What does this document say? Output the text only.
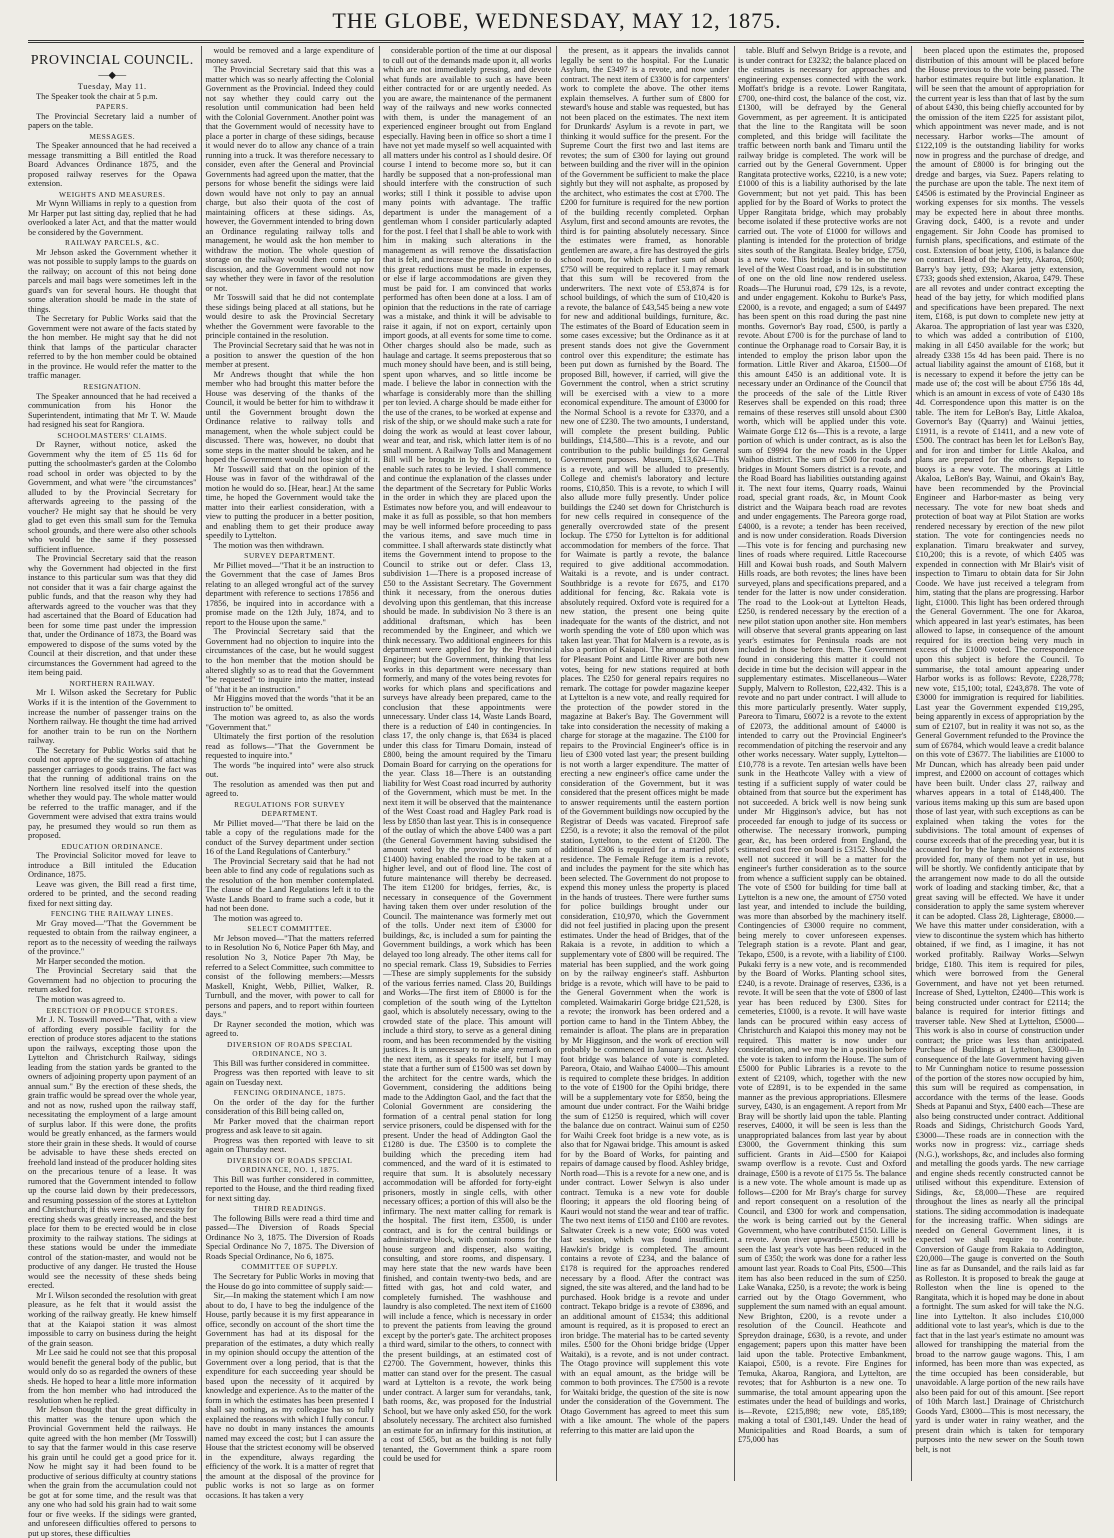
THE GLOBE, WEDNESDAY, MAY 12, 1875.

PROVINCIAL COUNCIL.

—◆—

Tuesday, May 11.

The Speaker took the chair at 5 p.m.

PAPERS.

The Provincial Secretary laid a number of papers on the table.

MESSAGES.

The Speaker announced that he had received a message transmitting a Bill entitled the Road Board Advances Ordinance 1875, and the proposed railway reserves for the Opawa extension.

WEIGHTS AND MEASURES.

Mr Wynn Williams in reply to a question from Mr Harper put last sitting day, replied that he had overlooked a later Act, and that the matter would be considered by the Government.

RAILWAY PARCELS, &C.

Mr Jebson asked the Government whether it was not possible to supply lamps to the guards on the railway; on account of this not being done parcels and mail bags were sometimes left in the guard's van for several hours. He thought that some alteration should be made in the state of things.

The Secretary for Public Works said that the Government were not aware of the facts stated by the hon member. He might say that he did not think that lamps of the particular character referred to by the hon member could be obtained in the province. He would refer the matter to the traffic manager.

RESIGNATION.

The Speaker announced that he had received a communication from his Honor the Superintendent, intimating that Mr T. W. Maude had resigned his seat for Rangiora.

SCHOOLMASTERS' CLAIMS.

Dr Rayner, without notice, asked the Government why the item of £5 11s 6d for putting the schoolmaster's garden at the Colombo road school in order was objected to by the Government, and what were "the circumstances" alluded to by the Provincial Secretary for afterwards agreeing to the passing of the voucher? He might say that he should be very glad to get even this small sum for the Temuka school grounds, and there were also other schools who would be the same if they possessed sufficient influence.

The Provincial Secretary said that the reason why the Government had objected in the first instance to this particular sum was that they did not consider that it was a fair charge against the public funds, and that the reason why they had afterwards agreed to the voucher was that they had ascertained that the Board of Education had been for some time past under the impression that, under the Ordinance of 1873, the Board was empowered to dispose of the sums voted by the Council at their discretion, and that under these circumstances the Government had agreed to the item being paid.

NORTHERN RAILWAY.

Mr I. Wilson asked the Secretary for Public Works if it is the intention of the Government to increase the number of passenger trains on the Northern railway. He thought the time had arrived for another train to be run on the Northern railway.

The Secretary for Public Works said that he could not approve of the suggestion of attaching passenger carriages to goods trains. The fact was that the running of additional trains on the Northern line resolved itself into the question whether they would pay. The whole matter would be referred to the traffic manager, and if the Government were advised that extra trains would pay, he presumed they would so run them as proposed.

EDUCATION ORDINANCE.

The Provincial Solicitor moved for leave to introduce a Bill intituled the Education Ordinance, 1875.

Leave was given, the Bill read a first time, ordered to be printed, and the second reading fixed for next sitting day.

FENCING THE RAILWAY LINES.

Mr Gray moved—"That the Government be requested to obtain from the railway engineer, a report as to the necessity of weeding the railways of the province."

Mr Harper seconded the motion.

The Provincial Secretary said that the Government had no objection to procuring the return asked for.

The motion was agreed to.

ERECTION OF PRODUCE STORES.

Mr J. N. Tosswill moved—"That, with a view of affording every possible facility for the erection of produce stores adjacent to the stations upon the railways, excepting those upon the Lyttelton and Christchurch Railway, sidings leading from the station yards be granted to the owners of adjoining property upon payment of an annual sum." By the erection of these sheds, the grain traffic would be spread over the whole year, and not as now, rushed upon the railway staff, necessitating the employment of a large amount of surplus labor. If this were done, the profits would be greatly enhanced, as the farmers would store their grain in these sheds. It would of course be advisable to have these sheds erected on freehold land instead of the producer holding sites on the precarious tenure of a lease. It was rumored that the Government intended to follow up the course laid down by their predecessors, and resuming possession of the stores at Lyttelton and Christchurch; if this were so, the necessity for erecting sheds was greatly increased, and the best place for them to be erected would be in close proximity to the railway stations. The sidings at these stations would be under the immediate control of the station-master, and would not be productive of any danger. He trusted the House would see the necessity of these sheds being erected.

Mr I. Wilson seconded the resolution with great pleasure, as he felt that it would assist the working of the railway greatly. He knew himself that at the Kaiapoi station it was almost impossible to carry on business during the height of the grain season.

Mr Lee said he could not see that this proposal would benefit the general body of the public, but would only do so as regarded the owners of these sheds. He hoped to hear a little more information from the hon member who had introduced the resolution when he replied.

Mr Jebson thought that the great difficulty in this matter was the tenure upon which the Provincial Government held the railways. He quite agreed with the hon member (Mr Tosswill) to say that the farmer would in this case reserve his grain until he could get a good price for it. Now he might say it had been found to be productive of serious difficulty at country stations when the grain from the accumulation could not be got at for some time, and the result was that any one who had sold his grain had to wait some four or five weeks. If the sidings were granted, and unforeseen difficulties offered to persons to put up stores, these difficulties

would be removed and a large expenditure of money saved.

The Provincial Secretary said that this was a matter which was so nearly affecting the Colonial Government as the Provincial. Indeed they could not say whether they could carry out the resolution until communication had been held with the Colonial Government. Another point was that the Government would of necessity have to place a porter in charge of these sidings, because it would never do to allow any chance of a train running into a truck. It was therefore necessary to consider, even after the General and Provincial Governments had agreed upon the matter, that the persons for whose benefit the sidings were laid down would have not only to pay an annual charge, but also their quota of the cost of maintaining officers at these sidings. As, however, the Government intended to bring down an Ordinance regulating railway tolls and management, he would ask the hon member to withdraw the motion. The whole question of storage on the railway would then come up for discussion, and the Government would not now say whether they were in favor of the resolution or not.

Mr Tosswill said that he did not contemplate these sidings being placed at all stations, but he would desire to ask the Provincial Secretary whether the Government were favorable to the principle contained in the resolution.

The Provincial Secretary said that he was not in a position to answer the question of the hon member at present.

Mr Andrews thought that while the hon member who had brought this matter before the House was deserving of the thanks of the Council, it would be better for him to withdraw it until the Government brought down the Ordinance relative to railway tolls and management, when the whole subject could be discussed. There was, however, no doubt that some steps in the matter should be taken, and he hoped the Government would not lose sight of it.

Mr Tosswill said that on the opinion of the House was in favor of the withdrawal of the motion he would do so. [Hear, hear.] At the same time, he hoped the Government would take the matter into their earliest consideration, with a view to putting the producer in a better position, and enabling them to get their produce away speedily to Lyttelton.

The motion was then withdrawn.

SURVEY DEPARTMENT.

Mr Pilliet moved—"That it be an instruction to the Government that the case of James Bros relating to an alleged wrongful act of the survey department with reference to sections 17856 and 17856, be inquired into in accordance with a promise made on the 12th July, 1874, and to report to the House upon the same."

The Provincial Secretary said that the Government had no objection to inquire into the circumstances of the case, but he would suggest to the hon member that the motion should be altered slightly so as to read that the Government "be requested" to inquire into the matter, instead of "that it be an instruction."

Mr Higgins moved that the words "that it be an instruction to" be omitted.

The motion was agreed to, as also the words "Government that."

Ultimately the first portion of the resolution read as follows—"That the Government be requested to inquire into."

The words "be inquired into" were also struck out.

The resolution as amended was then put and agreed to.

REGULATIONS FOR SURVEY DEPARTMENT.

Mr Pilliet moved—"That there be laid on the table a copy of the regulations made for the conduct of the Survey department under section 16 of the Land Regulations of Canterbury."

The Provincial Secretary said that he had not been able to find any code of regulations such as the resolution of the hon member contemplated. The clause of the Land Regulations left it to the Waste Lands Board to frame such a code, but it had not been done.

The motion was agreed to.

SELECT COMMITTEE.

Mr Jebson moved—"That the matters referred to in Resolution No 6, Notice Paper 6th May, and resolution No 3, Notice Paper 7th May, be referred to a Select Committee, such committee to consist of the following members:—Messrs Maskell, Knight, Webb, Pilliet, Walker, R. Turnbull, and the mover, with power to call for persons and papers, and to report within fourteen days."

Dr Rayner seconded the motion, which was agreed to.

DIVERSION OF ROADS SPECIAL ORDINANCE, NO 3.

This Bill was further considered in committee.

Progress was then reported with leave to sit again on Tuesday next.

FENCING ORDINANCE, 1875.

On the order of the day for the further consideration of this Bill being called on,

Mr Parker moved that the chairman report progress and ask leave to sit again.

Progress was then reported with leave to sit again on Thursday next.

DIVERSION OF ROADS SPECIAL ORDINANCE, NO. 1, 1875.

This Bill was further considered in committee, reported to the House, and the third reading fixed for next sitting day.

THIRD READINGS.

The following Bills were read a third time and passed—The Diversion of Roads Special Ordinance No 3, 1875. The Diversion of Roads Special Ordinance No 7, 1875. The Diversion of Roads Special Ordinance, No 6, 1875.

COMMITTEE OF SUPPLY.

The Secretary for Public Works in moving that the House do go into committee of supply said:—

Sir,—In making the statement which I am now about to do, I have to beg the indulgence of the House, partly because it is my first appearance in office, secondly on account of the short time the Government has had at its disposal for the preparation of the estimates, a duty which really in my opinion should occupy the attention of the Government over a long period, that is that the expenditure for each succeeding year should be based upon the necessity of it acquired by knowledge and experience. As to the matter of the form in which the estimates has been presented I shall say nothing, as my colleague has so fully explained the reasons with which I fully concur. I have no doubt in many instances the amounts named may exceed the cost; but I can assure the House that the strictest economy will be observed in the expenditure, always regarding the efficiency of the work. It is a matter of regret that the amount at the disposal of the province for public works is not so large as on former occasions. It has taken a very

considerable portion of the time at our disposal to cull out of the demands made upon it, all works which are not immediately pressing, and devote what funds are available to such as have been either contracted for or are urgently needed. As you are aware, the maintenance of the permanent way of the railways and new works connected with them, is under the management of an experienced engineer brought out from England especially. Having been in office so short a time I have not yet made myself so well acquainted with all matters under his control as I should desire. Of course I intend to become more so, but it can hardly be supposed that a non-professional man should interfere with the construction of such works; still I think it possible to advise upon many points with advantage. The traffic department is under the management of a gentleman whom I consider particularly adapted for the post. I feel that I shall be able to work with him in making such alterations in the management as will remove the dissatisfaction that is felt, and increase the profits. In order to do this great reductions must be made in expenses, or else if large accommodations are given they must be paid for. I am convinced that works performed has often been done at a loss. I am of opinion that the reductions in the rate of carriage was a mistake, and think it will be advisable to raise it again, if not on export, certainly upon import goods, at all events for some time to come. Other charges should also be made, such as haulage and cartage. It seems preposterous that so much money should have been, and is still being, spent upon wharves, and so little income be made. I believe the labor in connection with the wharfage is considerably more than the shilling per ton levied. A charge should be made either for the use of the cranes, to be worked at expense and risk of the ship, or we should make such a rate for doing the work as would at least cover labour, wear and tear, and risk, which latter item is of no small moment. A Railway Tolls and Management Bill will be brought in by the Government, to enable such rates to be levied. I shall commence and continue the explanation of the classes under the department of the Secretary for Public Works in the order in which they are placed upon the Estimates now before you, and will endeavour to make it as full as possible, so that hon members may be well informed before proceeding to pass the various items, and save much time in committee. I shall afterwards state distinctly what items the Government intend to propose to the Council to strike out or defer. Class 13, subdivision 1—There is a proposed increase of £50 to the Assistant Secretary. The Government think it necessary, from the onerous duties devolving upon this gentleman, that this increase should be made. In subdivision No 3 there is an additional draftsman, which has been recommended by the Engineer, and which we think necessary. Two additional engineers for this department were applied for by the Provincial Engineer; but the Government, thinking that less works in this department were necessary than formerly, and many of the votes being revotes for works for which plans and specifications and surveys have already been prepared, came to the conclusion that these appointments were unnecessary. Under class 14, Waste Lands Board, there is a reduction of £40 in contingencies. In class 17, the only change is, that £634 is placed under this class for Timaru Domain, instead of £800, being the amount required by the Timaru Domain Board for carrying on the operations for the year. Class 18—There is an outstanding liability for West Coast road incurred by authority of the Government, which must be met. In the next item it will be observed that the maintenance of the West Coast road and Hagley Park road is less by £850 than last year. This is in consequence of the outlay of which the above £400 was a part (the General Government having subsidised the amount voted by the province by the sum of £1400) having enabled the road to be taken at a higher level, and out of flood line. The cost of future maintenance will thereby be decreased. The item £1200 for bridges, ferries, &c, is necessary in consequence of the Government having taken them over under resolution of the Council. The maintenance was formerly met out of the tolls. Under next item of £3000 for buildings, &c, is included a sum for painting the Government buildings, a work which has been delayed too long already. The other items call for no special remark. Class 19, Subsidies to Ferries—These are simply supplements for the subsidy of the various ferries named. Class 20, Buildings and Works—The first item of £8000 is for the completion of the south wing of the Lyttelton gaol, which is absolutely necessary, owing to the crowded state of the place. This amount will include a third story, to serve as a general dining room, and has been recommended by the visiting justices. It is unnecessary to make any remark on the next item, as it speaks for itself, but I may state that a further sum of £1500 was set down by the architect for the centre wards, which the Government, considering the additions being made to the Addington Gaol, and the fact that the Colonial Government are considering the formation of a central penal station for long service prisoners, could be dispensed with for the present. Under the head of Addington Gaol the £1280 is due. The £3500 is to complete the building which the preceding item had commenced, and the ward of it is estimated to require that sum. It is absolutely necessary accommodation will be afforded for forty-eight prisoners, mostly in single cells, with other necessary offices; a portion of this will also be the infirmary. The next matter calling for remark is the hospital. The first item, £3500, is under contract, and is for the central buildings or administrative block, with contain rooms for the house surgeon and dispenser, also waiting, consulting, and store rooms, and dispensary. I may here state that the new wards have been finished, and contain twenty-two beds, and are fitted with gas, hot and cold water, and completely furnished. The washhouse and laundry is also completed. The next item of £1600 will include a fence, which is necessary in order to prevent the patients from leaving the ground except by the porter's gate. The architect proposes a third ward, similar to the others, to connect with the present buildings, at an estimated cost of £2700. The Government, however, thinks this matter can stand over for the present. The casual ward at Lyttelton is a revote, the work being under contract. A larger sum for verandahs, tank, bath rooms, &c, was proposed for the Industrial School, but we have only asked £50, for the work absolutely necessary. The architect also furnished an estimate for an infirmary for this institution, at a cost of £565, but as the building is not fully tenanted, the Government think a spare room could be used for

the present, as it appears the invalids cannot legally be sent to the hospital. For the Lunatic Asylum, the £3497 is a revote, and now under contract. The next item of £3300 is for carpenters' work to complete the above. The other items explain themselves. A further sum of £800 for steward's house and stable was requested, but has not been placed on the estimates. The next item for Drunkards' Asylum is a revote in part, we thinking it would suffice for the present. For the Supreme Court the first two and last items are revotes; the sum of £300 for laying out ground between building and the river will in the opinion of the Government be sufficient to make the place sightly but they will not asphalte, as proposed by the architect, who estimates the cost at £700. The £200 for furniture is required for the new portion of the building recently completed. Orphan Asylum, first and second amounts are revotes, the third is for painting absolutely necessary. Since the estimates were framed, as honorable gentlemen are aware, a fire has destroyed the girls school room, for which a further sum of about £750 will be required to replace it. I may remark that this sum will be recovered from the underwriters. The next vote of £53,874 is for school buildings, of which the sum of £10,420 is a revote, the balance of £43,545 being a new vote for new and additional buildings, furniture, &c. The estimates of the Board of Education seem in some cases excessive; but the Ordinance as it at present stands does not give the Government control over this expenditure; the estimate has been put down as furnished by the Board. The proposed Bill, however, if carried, will give the Government the control, when a strict scrutiny will be exercised with a view to a more economical expenditure. The amount of £3000 for the Normal School is a revote for £3370, and a new one of £230. The two amounts, I understand, will complete the present building. Public buildings, £14,580—This is a revote, and our contribution to the public buildings for General Government purposes. Museum, £13,624—This is a revote, and will be alluded to presently. College and chemist's laboratory and lecture rooms, £10,850. This is a revote, to which I will also allude more fully presently. Under police buildings the £240 set down for Christchurch is for new cells required in consequence of the generally overcrowded state of the present lockup. The £750 for Lyttelton is for additional accommodation for members of the force. That for Waimate is partly a revote, the balance required to give additional accommodation. Waitaki is a revote, and is under contract. Southbridge is a revote for £675, and £170 additional for fencing, &c. Rakaia vote is absolutely required. Oxford vote is required for a new station, the present one being quite inadequate for the wants of the district, and not worth spending the vote of £80 upon which was taken last year. That for Malvern is a revote, as is also a portion of Kaiapoi. The amounts put down for Pleasant Point and Little River are both new votes, being for new stations required at both places. The £250 for general repairs requires no remark. The cottage for powder magazine keeper at Lyttelton is a new vote, and really required for the protection of the powder stored in the magazine at Baker's Bay. The Government will take into consideration the necessity of making a charge for storage at the magazine. The £100 for repairs to the Provincial Engineer's office is in lieu of £300 voted last year; the present building is not worth a larger expenditure. The matter of erecting a new engineer's office came under the consideration of the Government, but it was considered that the present offices might be made to answer requirements until the eastern portion of the Government buildings now occupied by the Registrar of Deeds was vacated. Fireproof safe £250, is a revote; it also the removal of the pilot station, Lyttelton, to the extent of £1200. The additional £306 is required for a married pilot's residence. The Female Refuge item is a revote, and includes the payment for the site which has been selected. The Government do not propose to expend this money unless the property is placed in the hands of trustees. There were further sums for police buildings brought under our consideration, £10,970, which the Government did not feel justified in placing upon the present estimates. Under the head of Bridges, that of the Rakaia is a revote, in addition to which a supplementary vote of £800 will be required. The material has been supplied, and the work going on by the railway engineer's staff. Ashburton bridge is a revote, which will have to be paid to the General Government when the work is completed. Waimakariri Gorge bridge £21,528, is a revote; the ironwork has been ordered and a portion came to hand in the Tintern Abbey, the remainder is afloat. The plans are in preparation by Mr Higginson, and the work of erection will probably be commenced in January next. Ashley foot bridge was balance of vote is completed. Pareora, Otaio, and Waihao £4000—This amount is required to complete these bridges. In addition to the vote of £1900 for the Opihi bridge, there will be a supplementary vote for £850, being the amount due under contract. For the Waihi bridge the sum of £1250 is required, which will cover the balance due on contract. Wainui sum of £250 for Waihi Creek foot bridge is a new vote, as is also that for Ngawai bridge. This amount is asked for by the Board of Works, for painting and repairs of damage caused by flood. Ashley bridge, North road—This is a revote for a new one, and is under contract. Lower Selwyn is also under contract. Temuka is a new vote for double flooring; it appears the old flooring being of Kauri would not stand the wear and tear of traffic. The two next items of £150 and £100 are revotes. Saltwater Creek is a new vote; £600 was voted last session, which was found insufficient. Hawkin's bridge is completed. The amount contains a revote of £234, and the balance of £178 is required for the approaches rendered necessary by a flood. After the contract was signed, the site was altered, and the land had to be purchased. Hook bridge is a revote and under contract. Tekapo bridge is a revote of £3896, and an additional amount of £1534; this additional amount is required, as it is proposed to erect an iron bridge. The material has to be carted seventy miles. £500 for the Ohoni bridge bridge (Upper Waitaki), is a revote, and is not under contract. The Otago province will supplement this vote with an equal amount, as the bridge will be common to both provinces. The £7500 is a revote for Waitaki bridge, the question of the site is now under the consideration of the Government. The Otago Government has agreed to meet this sum with a like amount. The whole of the papers referring to this matter are laid upon the

table. Bluff and Selwyn Bridge is a revote, and is under contract for £3232; the balance placed on the estimates is necessary for approaches and engineering expenses connected with the work. Moffatt's bridge is a revote. Lower Rangitata, £700, one-third cost, the balance of the cost, viz. £1300, will be defrayed by the General Government, as per agreement. It is anticipated that the line to the Rangitata will be soon completed, and this bridge will facilitate the traffic between north bank and Timaru until the railway bridge is completed. The work will be carried out by the General Government. Upper Rangitata protective works, £2210, is a new vote; £1000 of this is a liability authorised by the late Government; but not yet paid. This has been applied for by the Board of Works to protect the Upper Rangitata bridge, which may probably become isolated if these protective works are not carried out. The vote of £1000 for willows and planting is intended for the protection of bridge sites south of the Rangitata. Bealey bridge, £750, is a new vote. This bridge is to be on the new level of the West Coast road, and is in substitution of one on the old line now rendered useless. Roads—The Hurunui road, £79 12s, is a revote, and under engagement. Kokohu to Burke's Pass, £2000, is a revote, and engaged; a sum of £4497 has been spent on this road during the past nine months. Governor's Bay road, £500, is partly a revote. About £700 is for the purchase of land to continue the Orphanage road to Corsair Bay, it is intended to employ the prison labor upon the formation. Little River and Akaroa, £1500—Of this amount £450 is an additional vote. It is necessary under an Ordinance of the Council that the proceeds of the sale of the Little River Reserves shall be expended on this road; three remains of these reserves still unsold about £300 worth, which will be applied under this vote. Waimate Gorge £12 6s—This is a revote, a large portion of which is under contract, as is also the sum of £9994 for the new roads in the Upper Waihoo district. The sum of £500 for roads and bridges in Mount Somers district is a revote, and the Road Board has liabilities outstanding against it. The next four items, Quarry roads, Wainui road, special grant roads, &c, in Mount Cook district and the Waipara beach road are revotes and under engagements. The Pareora gorge road, £4000, is a revote; a tender has been received, and is now under consideration. Roads Diversion—This vote is for fencing and purchasing new lines of roads where required. Little Racecourse Hill and Kowai bush roads, and South Malvern Hills roads, are both revotes; the lines have been surveyed, plans and specifications prepared, and a tender for the latter is now under consideration. The road to the Look-out at Lyttelton Heads, £250, is rendered necessary by the erection of a new pilot station upon another site. Hon members will observe that several grants appearing on last year's estimates for Peninsula roads are not included in those before them. The Government found in considering this matter it could not decide in time but the decision will appear in the supplementary estimates. Miscellaneous—Water Supply, Malvern to Rolleston, £22,432. This is a revote and no part under contract. I will allude to this more particularly presently. Water supply, Pareora to Timaru, £6072 is a revote to the extent of £2073, the additional amount of £4000 is intended to carry out the Provincial Engineer's recommendation of pitching the reservoir and any other works necessary. Water supply, Lyttelton—£10,778 is a revote. Ten artesian wells have been sunk in the Heathcote Valley with a view of testing if a sufficient supply of water could be obtained from that source but the experiment has not succeeded. A brick well is now being sunk under Mr Higginson's advice, but has not proceeded far enough to judge of its success or otherwise. The necessary ironwork, pumping gear, &c, has been ordered from England, the estimated cost free on board is £3152. Should the well not succeed it will be a matter for the engineer's further consideration as to the source from whence a sufficient supply can be obtained. The vote of £500 for building for time ball at Lyttelton is a new one, the amount of £750 voted last year, and intended to include the building, was more than absorbed by the machinery itself. Contingencies of £3000 require no comment, being merely to cover unforeseen expenses. Telegraph station is a revote. Plant and gear, Tekapo, £500, is a revote, with a liability of £100. Pukaki ferry is a new vote, and is recommended by the Board of Works. Planting school sites, £240, is a revote. Drainage of reserves, £336, is a revote. It will be seen that the vote of £800 of last year has been reduced by £300. Sites for cemeteries, £1000, is a revote. It will have waste lands can be procured within easy access of Christchurch and Kaiapoi this money may not be required. This matter is now under our consideration, and we may be in a position before the vote is taken to inform the House. The sum of £5000 for Public Libraries is a revote to the extent of £2109, which, together with the new vote of £2891, is to be expended in the same manner as the previous appropriations. Ellesmere survey, £430, is an engagement. A report from Mr Bray will be shortly laid upon the table. Planting reserves, £4000, it will be seen is less than the unappropriated balances from last year by about £3000, the Government thinking this sum sufficient. Grants in Aid—£500 for Kaiapoi swamp overflow is a revote. Cust and Oxford drainage, £500 is a revote of £175 5s. The balance is a new vote. The whole amount is made up as follows—£200 for Mr Bray's charge for survey and report consequent on a resolution of the Council, and £300 for work and compensation, the work is being carried out by the General Government, who have contributed £150. Lillie is a revote. Avon river upwards—£500; it will be seen the last year's vote has been reduced in the sum of £350; the work was done for a rather less amount last year. Roads to Coal Pits, £500—This item has also been reduced in the sum of £250. Lake Wanaka, £250, is a revote; the work is being carried out by the Otago Government, who supplement the sum named with an equal amount. New Brighton, £200, is a revote under a resolution of the Council. Heathcote and Spreydon drainage, £630, is a revote, and under engagement; papers upon this matter have been laid upon the table. Protective Embankment, Kaiapoi, £500, is a revote. Fire Engines for Temuka, Akaroa, Rangiora, and Lyttelton, are revotes; that for Ashburton is a new one. To summarise, the total amount appearing upon the estimates under the head of buildings and works, is—Revote, £215,898; new vote, £85,189; making a total of £301,149. Under the head of Municipalities and Road Boards, a sum of £75,000 has

been placed upon the estimates the, proposed distribution of this amount will be placed before the House previous to the vote being passed. The harbor estimates require but little explanation. It will be seen that the amount of appropriation for the current year is less than that of last by the sum of about £430, this being chiefly accounted for by the omission of the item £225 for assistant pilot, which appointment was never made, and is not necessary. Harbor works—The amount of £122,109 is the outstanding liability for works now in progress and the purchase of dredge, and the amount of £8000 is for bringing out the dredge and barges, via Suez. Papers relating to the purchase are upon the table. The next item of £4506 is estimated by the Provincial Engineer as working expenses for six months. The vessels may be expected here in about three months. Graving dock, £400, is a revote and under engagement. Sir John Coode has promised to furnish plans, specifications, and estimate of the cost. Extension of boat jetty, £106, is balance due on contract. Head of the bay jetty, Akaroa, £600; Barry's bay jetty, £93; Akaroa jetty extension, £733; goods shed extension, Akaroa, £479. These are all revotes and under contract excepting the head of the bay jetty, for which modified plans and specifications have been prepared. The next item, £168, is put down to complete new jetty at Akaroa. The appropriation of last year was £320, to which was added a contribution of £100, making in all £450 available for the work; but already £338 15s 4d has been paid. There is no actual liability against the amount of £168, but it is necessary to expend it before the jetty can be made use of; the cost will be about £756 18s 4d, which is an amount in excess of vote of £430 18s 4d. Correspondence upon this matter is on the table. The item for LeBon's Bay, Little Akaloa, Governor's Bay (Quarry) and Wainui jetties, £1911, is a revote of £1411, and a new vote of £500. The contract has been let for LeBon's Bay, and for iron and timber for Little Akaloa, and plans are prepared for the others. Repairs to buoys is a new vote. The moorings at Little Akaloa, LeBon's Bay, Wainui, and Okain's Bay, have been recommended by the Provincial Engineer and Harbor-master as being very necessary. The vote for new boat sheds and protection of boat way at Pilot Station are works rendered necessary by erection of the new pilot station. The vote for contingencies needs no explanation. Timaru breakwater and survey, £10,200; this is a revote, of which £405 was expended in connection with Mr Blair's visit of inspection to Timaru to obtain data for Sir John Coode. We have just received a telegram from him, stating that the plans are progressing. Harbor light, £1000. This light has been ordered through the General Government. The one for Akaroa, which appeared in last year's estimates, has been allowed to lapse, in consequence of the amount required for its erection being very much in excess of the £1000 voted. The correspondence upon this subject is before the Council. To summarise, the total amount appearing under Harbor works is as follows: Revote, £228,778; new vote, £15,100; total, £243,878. The vote of £3000 for immigration is required for liabilities. Last year the Government expended £19,295, being apparently in excess of appropriation by the sum of £2107, but in reality it was not so, as the General Government refunded to the Province the sum of £6784, which would leave a credit balance on this vote of £3677. The liabilities are £1000 to Mr Duncan, which has already been paid under imprest, and £2000 on account of cottages which have been built. Under class 27, railway and wharves appears in a total of £148,400. The various items making up this sum are based upon those of last year, with such exceptions as can be explained when taking the votes for the subdivisions. The total amount of expenses of course exceeds that of the preceding year, but it is accounted for by the large number of extensions provided for, many of them not yet in use, but will be shortly. We confidently anticipate that by the arrangement now made to do all the outside work of loading and stacking timber, &c, that a great saving will be effected. We have it under consideration to apply the same system wherever it can be adopted. Class 28, Lighterage, £8000.—We have this matter under consideration, with a view to discontinue the system which has hitherto obtained, if we find, as I imagine, it has not worked profitably. Railway Works—Selwyn bridge, £180. This item is required for piles, which were borrowed from the General Government, and have not yet been returned. Increase of Shed, Lyttelton, £2400—This work is being constructed under contract for £2114; the balance is required for interior fittings and traverser table. New Shed at Lyttelton, £5000—This work is also in course of construction under contract; the price was less than anticipated. Purchase of Buildings at Lyttelton, £3000—In consequence of the late Government having given to Mr Cunningham notice to resume possession of the portion of the stores now occupied by him, this sum will be required as compensation, in accordance with the terms of the lease. Goods Sheds at Papanui and Styx, £400 each—These are also being constructed under contract. Additional Roads and Sidings, Christchurch Goods Yard, £3000—These roads are in connection with the works now in progress: viz., carriage sheds (N.G.), workshops, &c, and includes also forming and metalling the goods yards. The new carriage and engine sheds recently constructed cannot be utilised without this expenditure. Extension of Sidings, &c, £8,000—These are required throughout the lines as nearly all the principal stations. The siding accommodation is inadequate for the increasing traffic. When sidings are needed on General Government lines, it is expected we shall require to contribute. Conversion of Gauge from Rakaia to Addington, £20,000—The gauge is converted on the South line as far as Dunsandel, and the rails laid as far as Rolleston. It is proposed to break the gauge at Rolleston when the line is opened to the Rangitata, which it is hoped may be done in about a fortnight. The sum asked for will take the N.G. line into Lyttelton. It also includes £10,000 additional vote to last year's, which is due to the fact that in the last year's estimate no amount was allowed for transhipping the material from the broad to the narrow gauge wagons. This, I am informed, has been more than was expected, as the time occupied has been considerable, but unavoidable. A large portion of the new rails have also been paid for out of this amount. [See report of 10th March last.] Drainage of Christchurch Goods Yard, £3000—This is most necessary, the yard is under water in rainy weather, and the present drain which is taken for temporary purposes into the new sewer on the South town belt, is not
